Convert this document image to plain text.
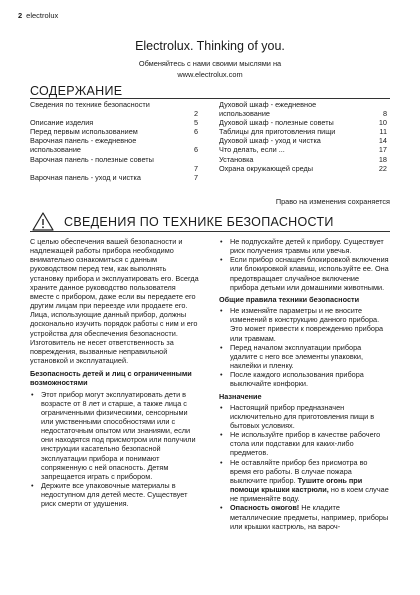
2 electrolux
Electrolux. Thinking of you.
Обменяйтесь с нами своими мыслями на
www.electrolux.com
СОДЕРЖАНИЕ
Сведения по технике безопасности
2
Описание изделия	5
Перед первым использованием	6
Варочная панель - ежедневное
использование	6
Варочная панель - полезные советы
7
Варочная панель - уход и чистка	7
Духовой шкаф - ежедневное
использование	8
Духовой шкаф - полезные советы	10
Таблицы для приготовления пищи	11
Духовой шкаф - уход и чистка	14
Что делать, если ...	17
Установка	18
Охрана окружающей среды	22
Право на изменения сохраняется
СВЕДЕНИЯ ПО ТЕХНИКЕ БЕЗОПАСНОСТИ

С целью обеспечения вашей безопасности и надлежащей работы прибора необходимо внимательно ознакомиться с данным руководством перед тем, как выполнять установку прибора и эксплуатировать его. Всегда храните данное руководство пользователя вместе с прибором, даже если вы передаете его другим лицам при переезде или продаете его. Лица, использующие данный прибор, должны досконально изучить порядок работы с ним и его устройства для обеспечения безопасности. Изготовитель не несет ответственность за повреждения, вызванные неправильной установкой и эксплуатацией.

Безопасность детей и лиц с ограниченными возможностями
• Этот прибор могут эксплуатировать дети в возрасте от 8 лет и старше, а также лица с ограниченными физическими, сенсорными или умственными способностями или с недостаточным опытом или знаниями, если они находятся под присмотром или получили инструкции касательно безопасной эксплуатации прибора и понимают сопряженную с ней опасность. Детям запрещается играть с прибором.
• Держите все упаковочные материалы в недоступном для детей месте. Существует риск смерти от удушения.
• Не подпускайте детей к прибору. Существует риск получения травмы или увечья.
• Если прибор оснащен блокировкой включения или блокировкой клавиш, используйте ее. Она предотвращает случайное включение прибора детьми или домашними животными.
Общие правила техники безопасности
• Не изменяйте параметры и не вносите изменений в конструкцию данного прибора. Это может привести к повреждению прибора или травмам.
• Перед началом эксплуатации прибора удалите с него все элементы упаковки, наклейки и пленку.
• После каждого использования прибора выключайте конфорки.
Назначение
• Настоящий прибор предназначен исключительно для приготовления пищи в бытовых условиях.
• Не используйте прибор в качестве рабочего стола или подставки для каких-либо предметов.
• Не оставляйте прибор без присмотра во время его работы. В случае пожара выключите прибор. Тушите огонь при помощи крышки кастрюли, но в коем случае не применяйте воду.
• Опасность ожогов! Не кладите металлические предметы, например, приборы или крышки кастрюль, на вароч-
